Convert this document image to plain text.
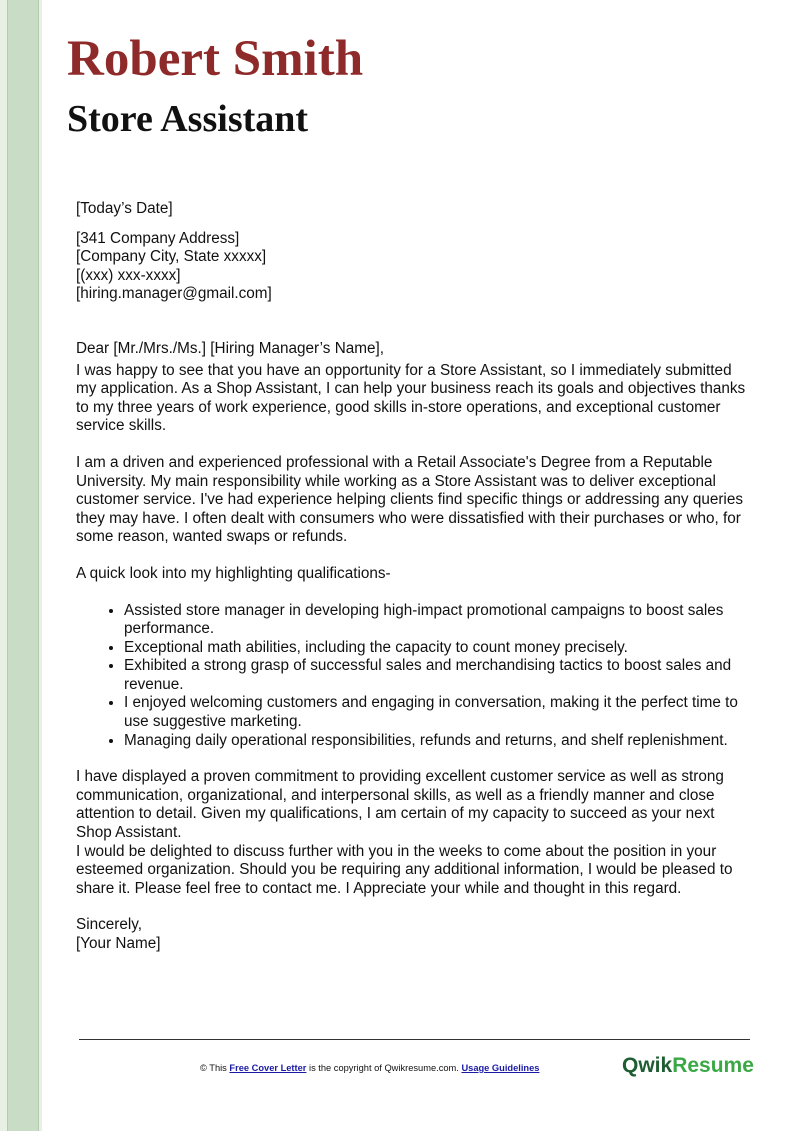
Robert Smith
Store Assistant

[Today’s Date]

[341 Company Address]

[Company City, State xxxxx]

[(xxx) xxx-xxxx]

[hiring.manager@gmail.com]

Dear [Mr./Mrs./Ms.] [Hiring Manager’s Name],

I was happy to see that you have an opportunity for a Store Assistant, so I immediately submitted my application. As a Shop Assistant, I can help your business reach its goals and objectives thanks to my three years of work experience, good skills in-store operations, and exceptional customer service skills.

I am a driven and experienced professional with a Retail Associate's Degree from a Reputable University. My main responsibility while working as a Store Assistant was to deliver exceptional customer service. I've had experience helping clients find specific things or addressing any queries they may have. I often dealt with consumers who were dissatisfied with their purchases or who, for some reason, wanted swaps or refunds.

A quick look into my highlighting qualifications-

• Assisted store manager in developing high-impact promotional campaigns to boost sales performance.
• Exceptional math abilities, including the capacity to count money precisely.
• Exhibited a strong grasp of successful sales and merchandising tactics to boost sales and revenue.
• I enjoyed welcoming customers and engaging in conversation, making it the perfect time to use suggestive marketing.
• Managing daily operational responsibilities, refunds and returns, and shelf replenishment.

I have displayed a proven commitment to providing excellent customer service as well as strong communication, organizational, and interpersonal skills, as well as a friendly manner and close attention to detail. Given my qualifications, I am certain of my capacity to succeed as your next Shop Assistant.

I would be delighted to discuss further with you in the weeks to come about the position in your esteemed organization. Should you be requiring any additional information, I would be pleased to share it. Please feel free to contact me. I Appreciate your while and thought in this regard.

Sincerely,

[Your Name]

© This Free Cover Letter is the copyright of Qwikresume.com. Usage Guidelines	QwikResume
